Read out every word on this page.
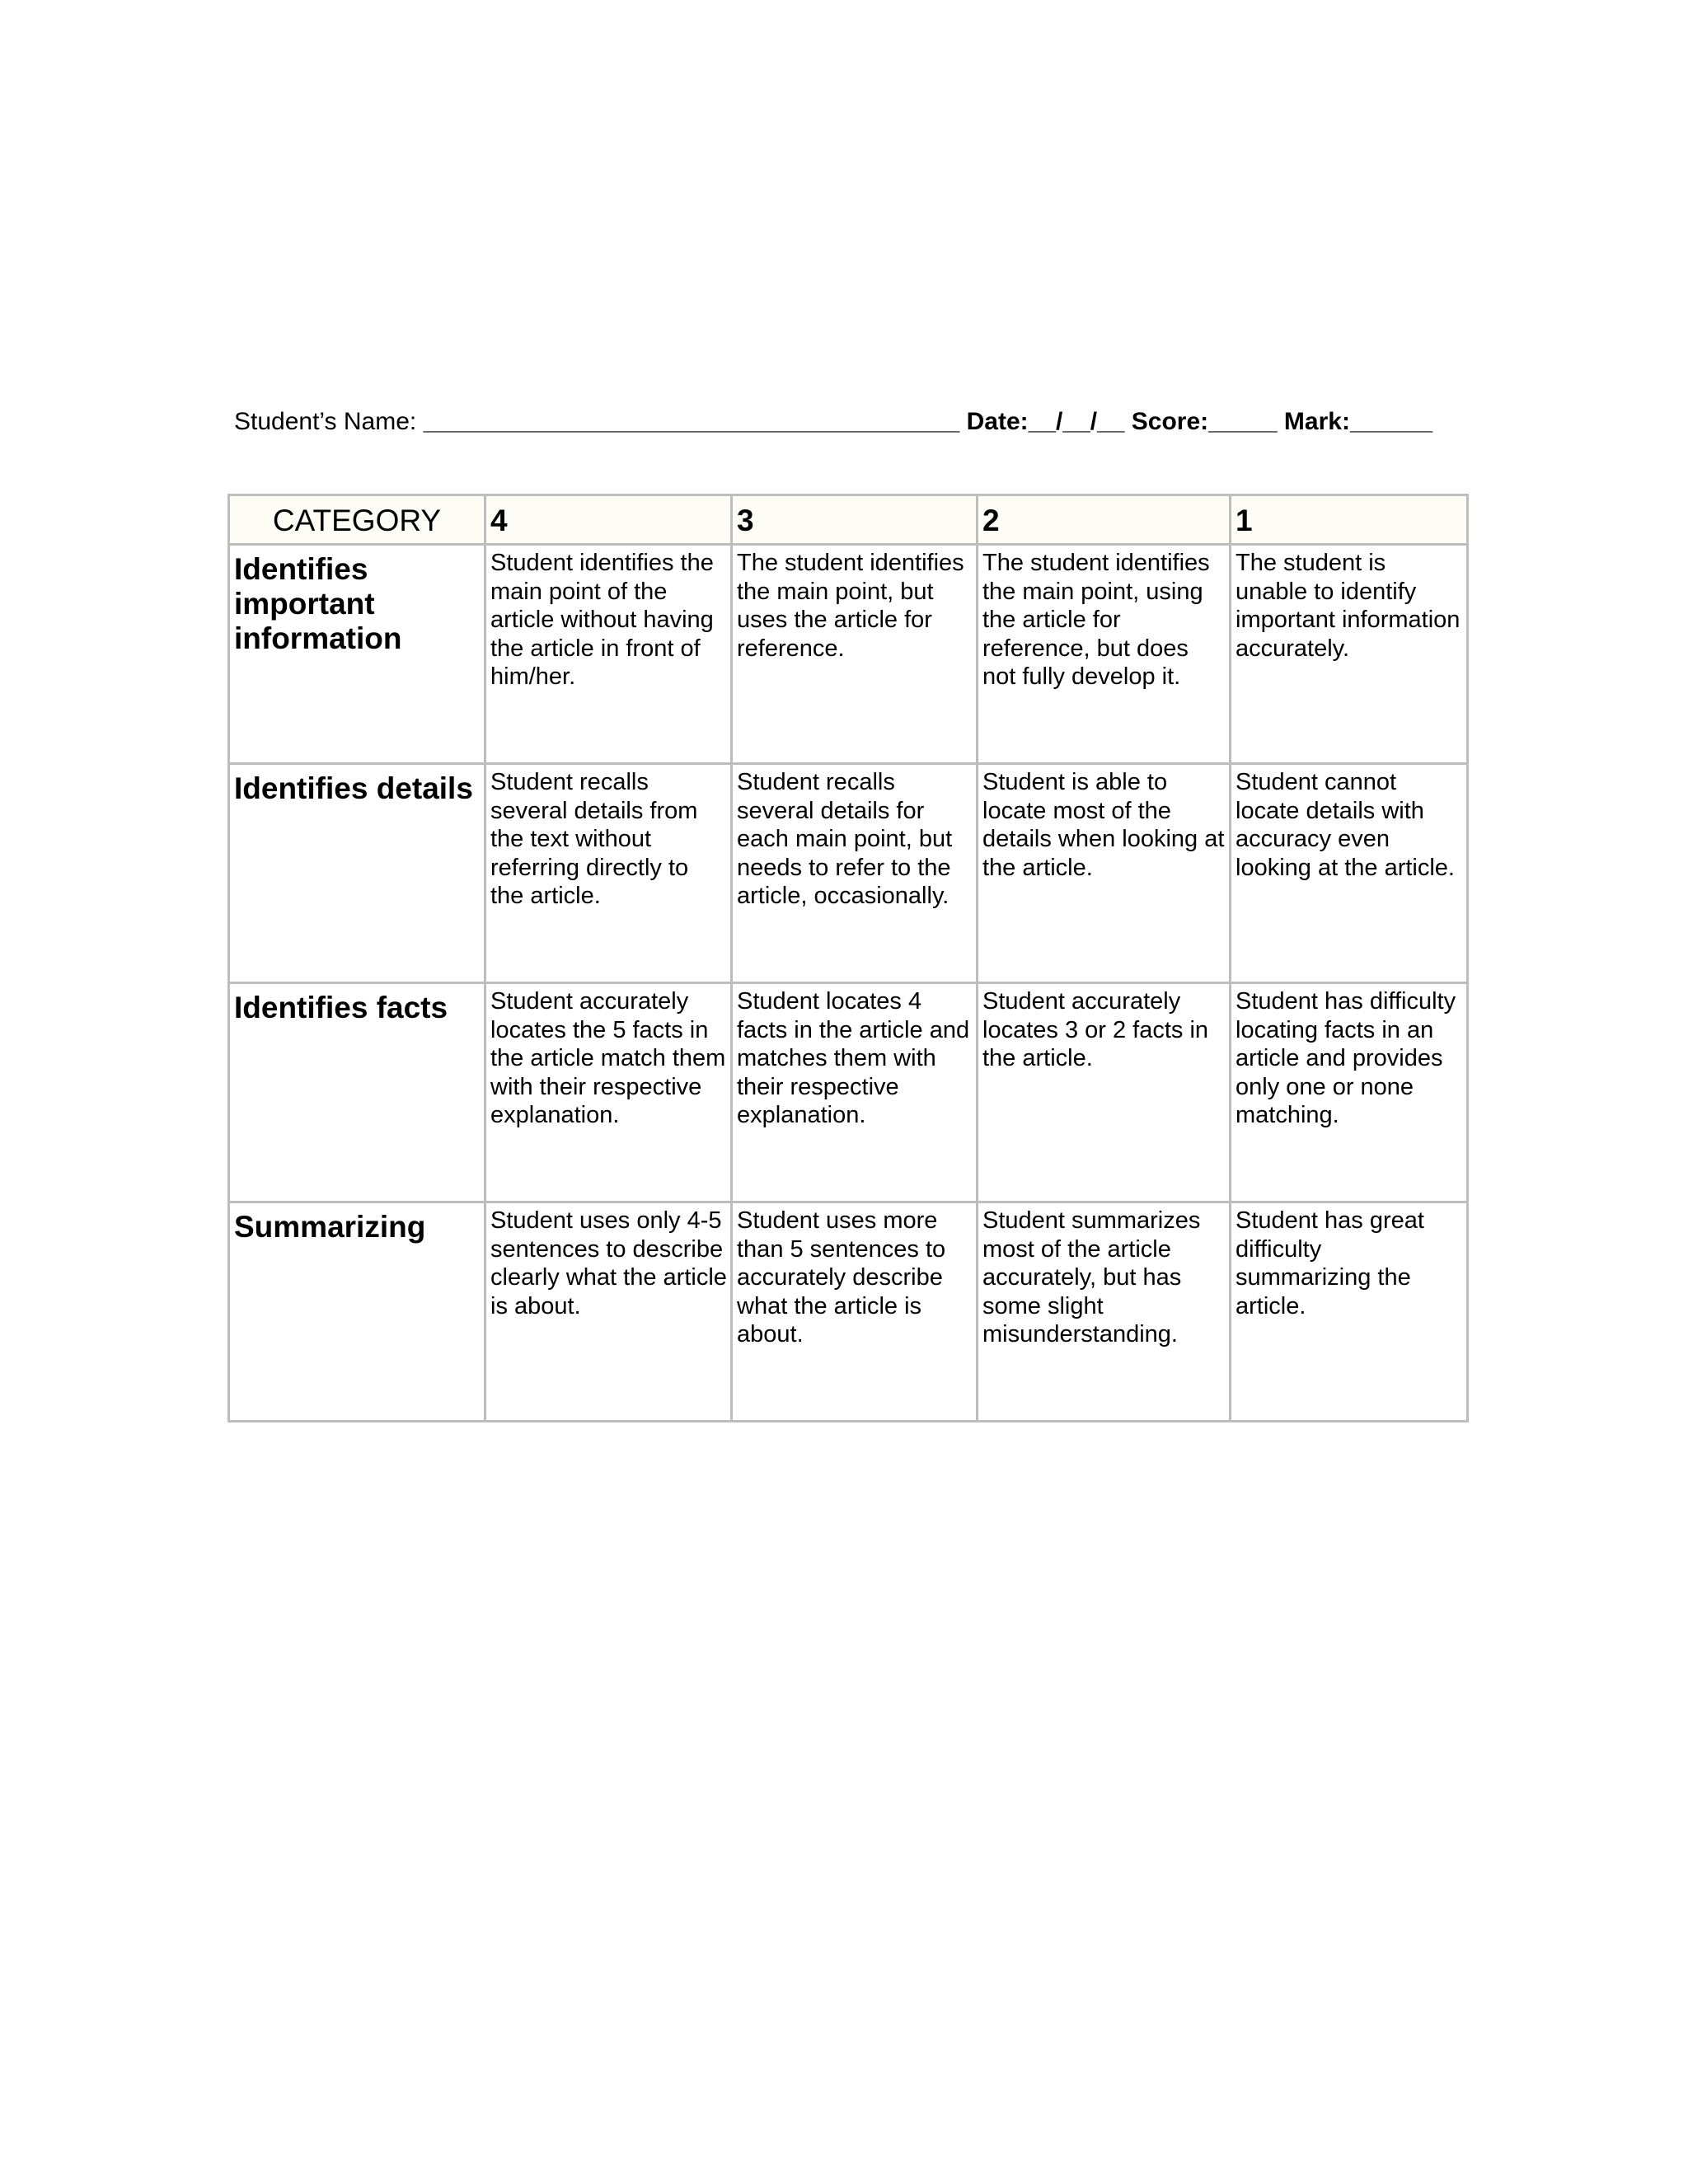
Student’s Name: _______________________________________ Date:__/__/__ Score:_____ Mark:______
CATEGORY	4	3	2	1
Identifies important information	Student identifies the main point of the article without having the article in front of him/her.	The student identifies the main point, but uses the article for reference.	The student identifies the main point, using the article for reference, but does not fully develop it.	The student is unable to identify important information accurately.
Identifies details	Student recalls several details from the text without referring directly to the article.	Student recalls several details for each main point, but needs to refer to the article, occasionally.	Student is able to locate most of the details when looking at the article.	Student cannot locate details with accuracy even looking at the article.
Identifies facts	Student accurately locates the 5 facts in the article match them with their respective explanation.	Student locates 4 facts in the article and matches them with their respective explanation.	Student accurately locates 3 or 2 facts in the article.	Student has difficulty locating facts in an article and provides only one or none matching.
Summarizing	Student uses only 4-5 sentences to describe clearly what the article is about.	Student uses more than 5 sentences to accurately describe what the article is about.	Student summarizes most of the article accurately, but has some slight misunderstanding.	Student has great difficulty summarizing the article.
